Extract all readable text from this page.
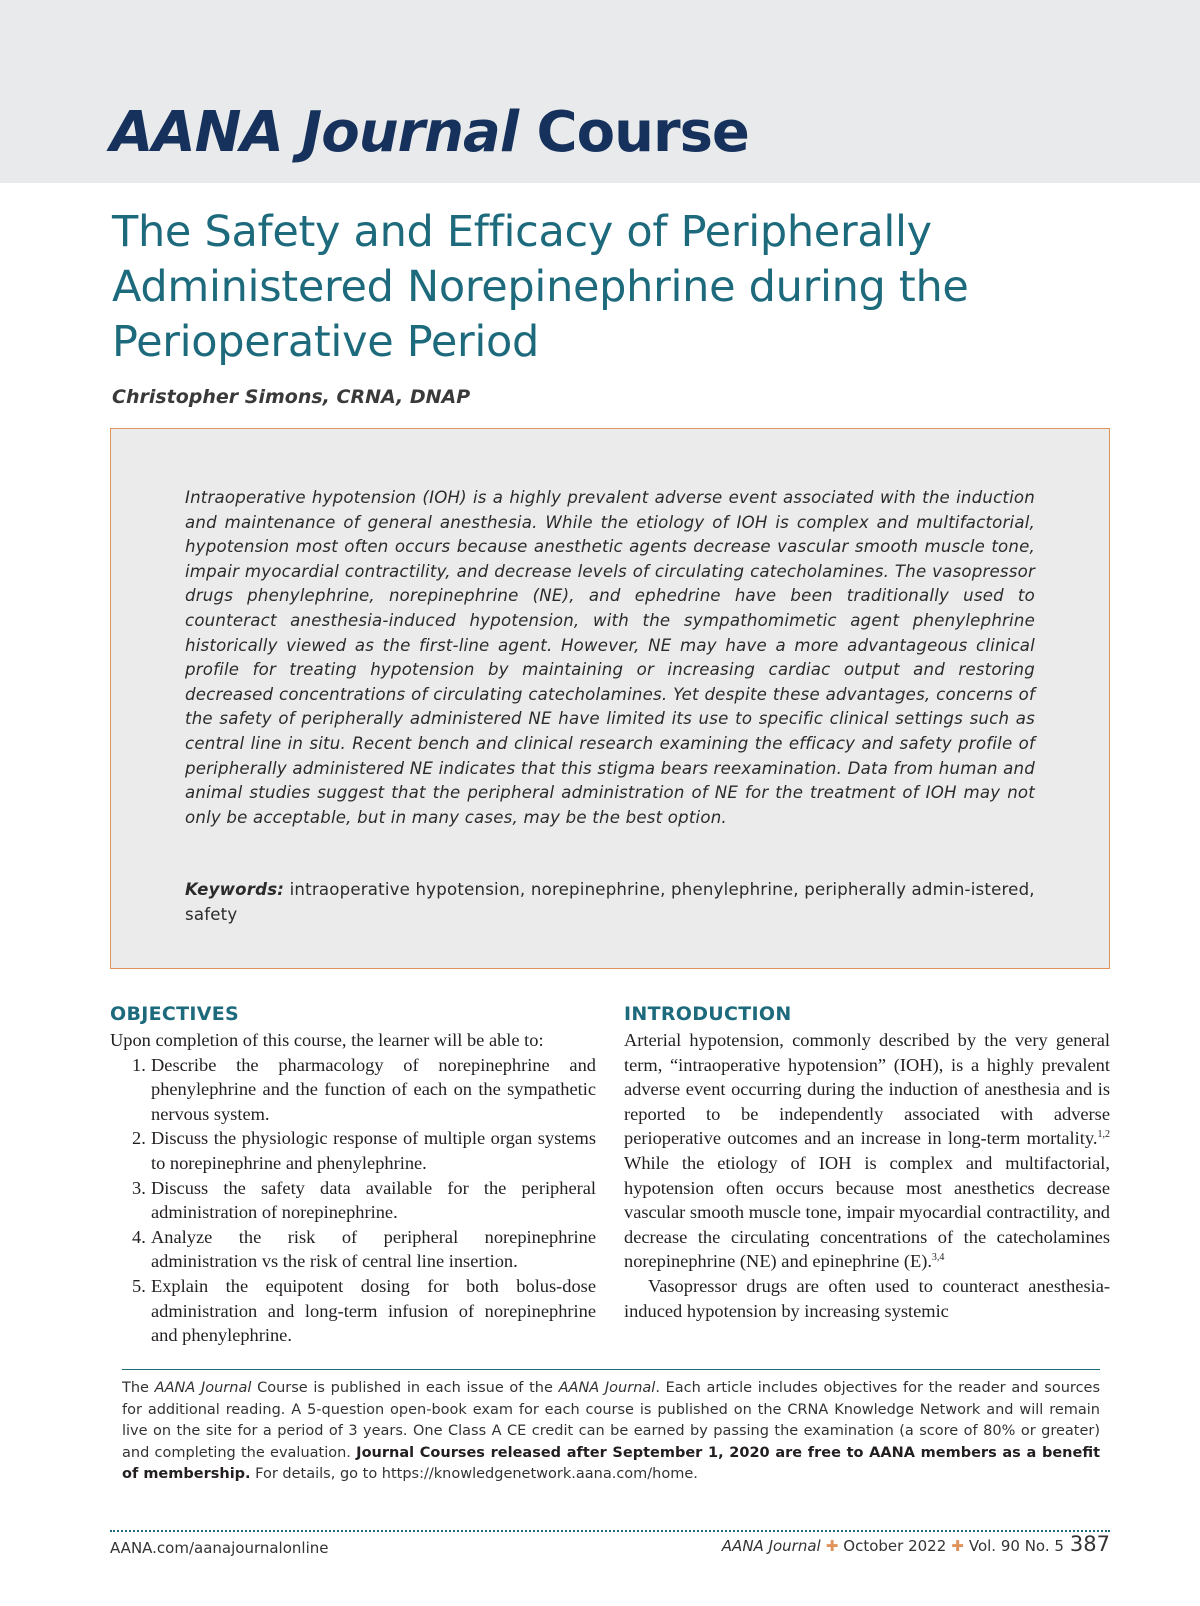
AANA Journal Course
The Safety and Efficacy of Peripherally Administered Norepinephrine during the Perioperative Period
Christopher Simons, CRNA, DNAP

Intraoperative hypotension (IOH) is a highly prevalent adverse event associated with the induction and maintenance of general anesthesia. While the etiology of IOH is complex and multifactorial, hypotension most often occurs because anesthetic agents decrease vascular smooth muscle tone, impair myocardial contractility, and decrease levels of circulating catecholamines. The vasopressor drugs phenylephrine, norepinephrine (NE), and ephedrine have been traditionally used to counteract anesthesia-induced hypotension, with the sympathomimetic agent phenylephrine historically viewed as the first-line agent. However, NE may have a more advantageous clinical profile for treating hypotension by maintaining or increasing cardiac output and restoring decreased concentrations of circulating catecholamines. Yet despite these advantages, concerns of the safety of peripherally administered NE have limited its use to specific clinical settings such as central line in situ. Recent bench and clinical research examining the efficacy and safety profile of peripherally administered NE indicates that this stigma bears reexamination. Data from human and animal studies suggest that the peripheral administration of NE for the treatment of IOH may not only be acceptable, but in many cases, may be the best option.

Keywords: intraoperative hypotension, norepinephrine, phenylephrine, peripherally admin-istered, safety

OBJECTIVES

Upon completion of this course, the learner will be able to:

1. Describe the pharmacology of norepinephrine and phenylephrine and the function of each on the sympathetic nervous system.
2. Discuss the physiologic response of multiple organ systems to norepinephrine and phenylephrine.
3. Discuss the safety data available for the peripheral administration of norepinephrine.
4. Analyze the risk of peripheral norepinephrine administration vs the risk of central line insertion.
5. Explain the equipotent dosing for both bolus-dose administration and long-term infusion of norepinephrine and phenylephrine.
INTRODUCTION

Arterial hypotension, commonly described by the very general term, “intraoperative hypotension” (IOH), is a highly prevalent adverse event occurring during the induction of anesthesia and is reported to be independently associated with adverse perioperative outcomes and an increase in long-term mortality.$^{1,2}$ While the etiology of IOH is complex and multifactorial, hypotension often occurs because most anesthetics decrease vascular smooth muscle tone, impair myocardial contractility, and decrease the circulating concentrations of the catecholamines norepinephrine (NE) and epinephrine (E).$^{3,4}$

Vasopressor drugs are often used to counteract anesthesia-induced hypotension by increasing systemic

The AANA Journal Course is published in each issue of the AANA Journal. Each article includes objectives for the reader and sources for additional reading. A 5-question open-book exam for each course is published on the CRNA Knowledge Network and will remain live on the site for a period of 3 years. One Class A CE credit can be earned by passing the examination (a score of 80% or greater) and completing the evaluation. Journal Courses released after September 1, 2020 are free to AANA members as a benefit of membership. For details, go to https://knowledgenetwork.aana.com/home.

AANA.com/aanajournalonline	AANA Journal ✚ October 2022 ✚ Vol. 90 No. 5 387
